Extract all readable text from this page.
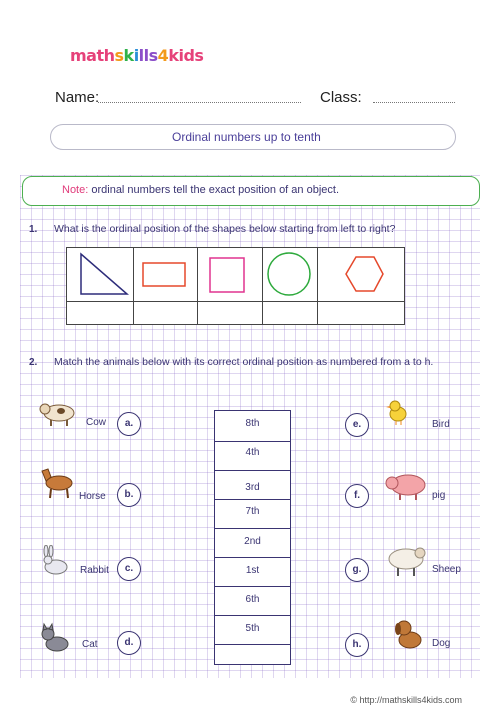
mathskills4kids
Name:	Class:
Ordinal numbers up to tenth
Note: ordinal numbers tell the exact position of an object.
1. What is the ordinal position of the shapes below starting from left to right?
2. Match the animals below with its correct ordinal position as numbered from a to h.
Cow	a.
Horse	b.
Rabbit	c.
Cat	d.
8th
4th
3rd
7th
2nd
1st
6th
5th
e.	Bird
f.	pig
g.	Sheep
h.	Dog
© http://mathskills4kids.com
